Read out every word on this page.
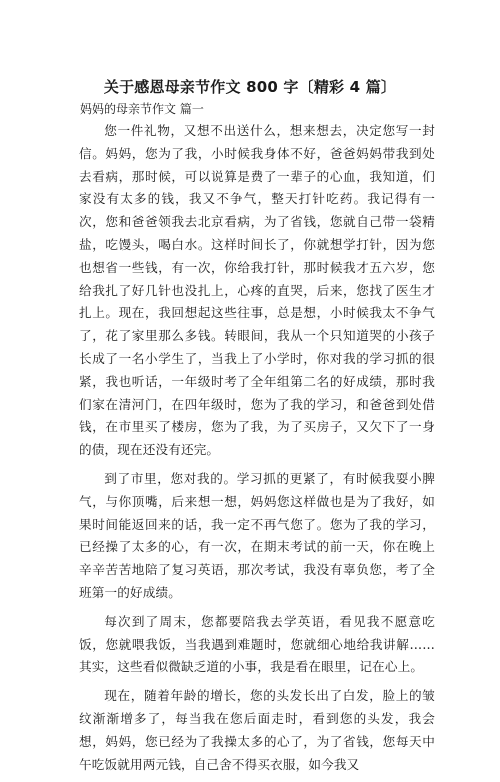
关于感恩母亲节作文 800 字〔精彩 4 篇〕

妈妈的母亲节作文 篇一

您一件礼物，又想不出送什么，想来想去，决定您写一封信。妈妈，您为了我，小时候我身体不好，爸爸妈妈带我到处去看病，那时候，可以说算是费了一辈子的心血，我知道，们家没有太多的钱，我又不争气，整天打针吃药。我记得有一次，您和爸爸领我去北京看病，为了省钱，您就自己带一袋精盐，吃馒头，喝白水。这样时间长了，你就想学打针，因为您也想省一些钱，有一次，你给我打针，那时候我才五六岁，您给我扎了好几针也没扎上，心疼的直哭，后来，您找了医生才扎上。现在，我回想起这些往事，总是想，小时候我太不争气了，花了家里那么多钱。转眼间，我从一个只知道哭的小孩子长成了一名小学生了，当我上了小学时，你对我的学习抓的很紧，我也听话，一年级时考了全年组第二名的好成绩，那时我们家在清河门，在四年级时，您为了我的学习，和爸爸到处借钱，在市里买了楼房，您为了我，为了买房子，又欠下了一身的债，现在还没有还完。

到了市里，您对我的。学习抓的更紧了，有时候我耍小脾气，与你顶嘴，后来想一想，妈妈您这样做也是为了我好，如果时间能返回来的话，我一定不再气您了。您为了我的学习，已经操了太多的心，有一次，在期末考试的前一天，你在晚上辛辛苦苦地陪了复习英语，那次考试，我没有辜负您，考了全班第一的好成绩。

每次到了周末，您都要陪我去学英语，看见我不愿意吃饭，您就喂我饭，当我遇到难题时，您就细心地给我讲解……其实，这些看似微缺乏道的小事，我是看在眼里，记在心上。

现在，随着年龄的增长，您的头发长出了白发，脸上的皱纹渐渐增多了，每当我在您后面走时，看到您的头发，我会想，妈妈，您已经为了我操太多的心了，为了省钱，您每天中午吃饭就用两元钱，自己舍不得买衣服，如今我又
